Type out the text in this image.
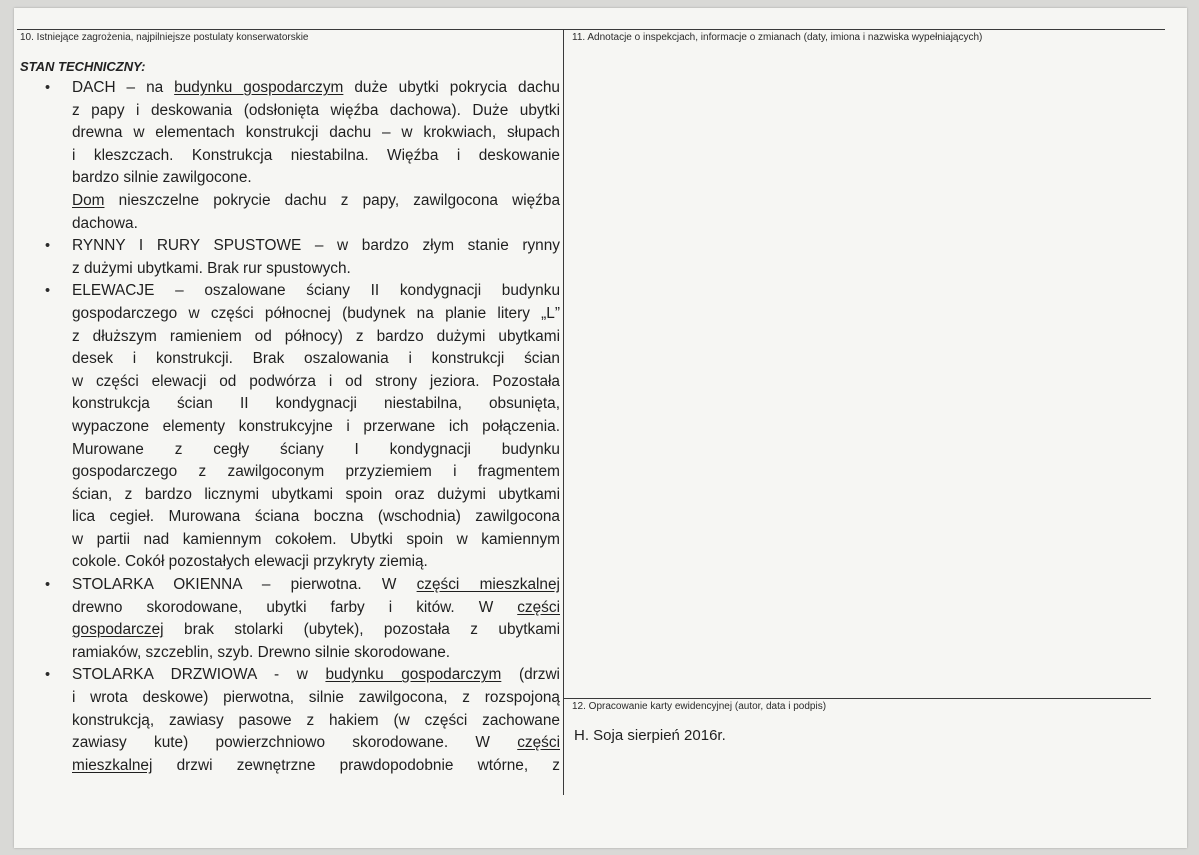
10. Istniejące zagrożenia, najpilniejsze postulaty konserwatorskie	11. Adnotacje o inspekcjach, informacje o zmianach (daty, imiona i nazwiska wypełniających)
12. Opracowanie karty ewidencyjnej (autor, data i podpis)
STAN TECHNICZNY:
• DACH – na budynku gospodarczym duże ubytki pokrycia dachu
z papy i deskowania (odsłonięta więźba dachowa). Duże ubytki
drewna w elementach konstrukcji dachu – w krokwiach, słupach
i kleszczach. Konstrukcja niestabilna. Więźba i deskowanie
bardzo silnie zawilgocone.
Dom nieszczelne pokrycie dachu z papy, zawilgocona więźba
dachowa.
• RYNNY I RURY SPUSTOWE – w bardzo złym stanie rynny
z dużymi ubytkami. Brak rur spustowych.
• ELEWACJE – oszalowane ściany II kondygnacji budynku
gospodarczego w części północnej (budynek na planie litery „L”
z dłuższym ramieniem od północy) z bardzo dużymi ubytkami
desek i konstrukcji. Brak oszalowania i konstrukcji ścian
w części elewacji od podwórza i od strony jeziora. Pozostała
konstrukcja ścian II kondygnacji niestabilna, obsunięta,
wypaczone elementy konstrukcyjne i przerwane ich połączenia.
Murowane z cegły ściany I kondygnacji budynku
gospodarczego z zawilgoconym przyziemiem i fragmentem
ścian, z bardzo licznymi ubytkami spoin oraz dużymi ubytkami
lica cegieł. Murowana ściana boczna (wschodnia) zawilgocona
w partii nad kamiennym cokołem. Ubytki spoin w kamiennym
cokole. Cokół pozostałych elewacji przykryty ziemią.
• STOLARKA OKIENNA – pierwotna. W części mieszkalnej
drewno skorodowane, ubytki farby i kitów. W części
gospodarczej brak stolarki (ubytek), pozostała z ubytkami
ramiaków, szczeblin, szyb. Drewno silnie skorodowane.
• STOLARKA DRZWIOWA - w budynku gospodarczym (drzwi
i wrota deskowe) pierwotna, silnie zawilgocona, z rozspojoną
konstrukcją, zawiasy pasowe z hakiem (w części zachowane
zawiasy kute) powierzchniowo skorodowane. W części
mieszkalnej drzwi zewnętrzne prawdopodobnie wtórne, z
H. Soja sierpień 2016r.
